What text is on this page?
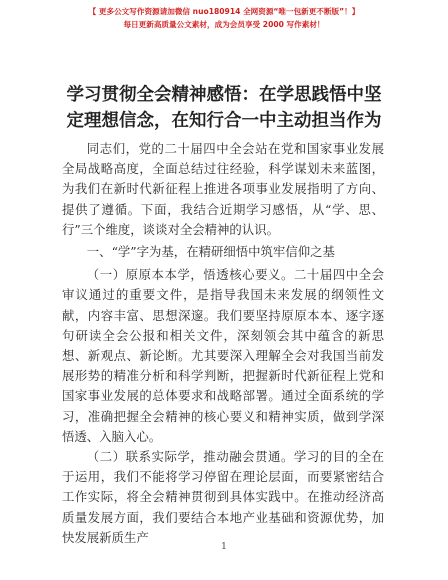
【 更多公文写作资源请加微信 nuo180914 全网资源“唯一包新更不断版”！】
每日更新高质量公文素材，成为会员享受 2000 写作素材！
学习贯彻全会精神感悟：在学思践悟中坚定理想信念，在知行合一中主动担当作为

同志们，党的二十届四中全会站在党和国家事业发展全局战略高度，全面总结过往经验，科学谋划未来蓝图，为我们在新时代新征程上推进各项事业发展指明了方向、提供了遵循。下面，我结合近期学习感悟，从“学、思、行”三个维度，谈谈对全会精神的认识。

一、“学”字为基，在精研细悟中筑牢信仰之基

（一）原原本本学，悟透核心要义。二十届四中全会审议通过的重要文件，是指导我国未来发展的纲领性文献，内容丰富、思想深邃。我们要坚持原原本本、逐字逐句研读全会公报和相关文件，深刻领会其中蕴含的新思想、新观点、新论断。尤其要深入理解全会对我国当前发展形势的精准分析和科学判断，把握新时代新征程上党和国家事业发展的总体要求和战略部署。通过全面系统的学习，准确把握全会精神的核心要义和精神实质，做到学深悟透、入脑入心。

（二）联系实际学，推动融会贯通。学习的目的全在于运用，我们不能将学习停留在理论层面，而要紧密结合工作实际，将全会精神贯彻到具体实践中。在推动经济高质量发展方面，我们要结合本地产业基础和资源优势，加快发展新质生产

1
